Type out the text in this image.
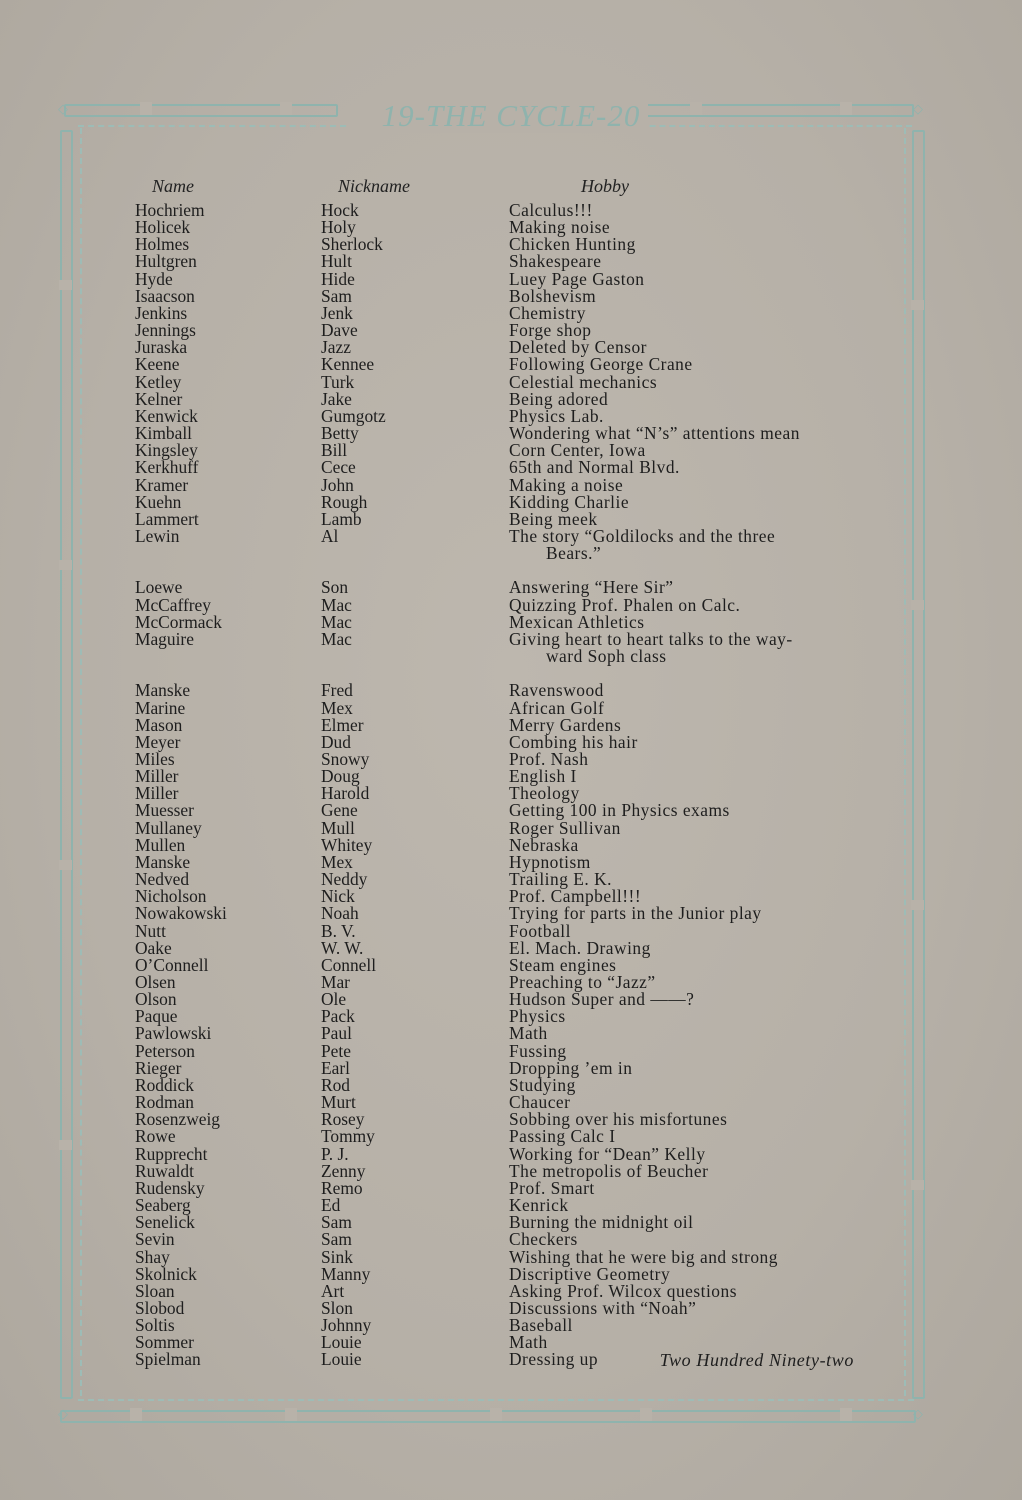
◇	◇
◇	◇
19-THE CYCLE-20
Name	Nickname	Hobby
Hochriem	Hock	Calculus!!!
Holicek	Holy	Making noise
Holmes	Sherlock	Chicken Hunting
Hultgren	Hult	Shakespeare
Hyde	Hide	Luey Page Gaston
Isaacson	Sam	Bolshevism
Jenkins	Jenk	Chemistry
Jennings	Dave	Forge shop
Juraska	Jazz	Deleted by Censor
Keene	Kennee	Following George Crane
Ketley	Turk	Celestial mechanics
Kelner	Jake	Being adored
Kenwick	Gumgotz	Physics Lab.
Kimball	Betty	Wondering what “N’s” attentions mean
Kingsley	Bill	Corn Center, Iowa
Kerkhuff	Cece	65th and Normal Blvd.
Kramer	John	Making a noise
Kuehn	Rough	Kidding Charlie
Lammert	Lamb	Being meek
Lewin	Al	The story “Goldilocks and the three
Bears.”
Loewe	Son	Answering “Here Sir”
McCaffrey	Mac	Quizzing Prof. Phalen on Calc.
McCormack	Mac	Mexican Athletics
Maguire	Mac	Giving heart to heart talks to the way-
ward Soph class
Manske	Fred	Ravenswood
Marine	Mex	African Golf
Mason	Elmer	Merry Gardens
Meyer	Dud	Combing his hair
Miles	Snowy	Prof. Nash
Miller	Doug	English I
Miller	Harold	Theology
Muesser	Gene	Getting 100 in Physics exams
Mullaney	Mull	Roger Sullivan
Mullen	Whitey	Nebraska
Manske	Mex	Hypnotism
Nedved	Neddy	Trailing E. K.
Nicholson	Nick	Prof. Campbell!!!
Nowakowski	Noah	Trying for parts in the Junior play
Nutt	B. V.	Football
Oake	W. W.	El. Mach. Drawing
O’Connell	Connell	Steam engines
Olsen	Mar	Preaching to “Jazz”
Olson	Ole	Hudson Super and ——?
Paque	Pack	Physics
Pawlowski	Paul	Math
Peterson	Pete	Fussing
Rieger	Earl	Dropping ’em in
Roddick	Rod	Studying
Rodman	Murt	Chaucer
Rosenzweig	Rosey	Sobbing over his misfortunes
Rowe	Tommy	Passing Calc I
Rupprecht	P. J.	Working for “Dean” Kelly
Ruwaldt	Zenny	The metropolis of Beucher
Rudensky	Remo	Prof. Smart
Seaberg	Ed	Kenrick
Senelick	Sam	Burning the midnight oil
Sevin	Sam	Checkers
Shay	Sink	Wishing that he were big and strong
Skolnick	Manny	Discriptive Geometry
Sloan	Art	Asking Prof. Wilcox questions
Slobod	Slon	Discussions with “Noah”
Soltis	Johnny	Baseball
Sommer	Louie	Math
Spielman	Louie	Dressing up	Two Hundred Ninety-two
